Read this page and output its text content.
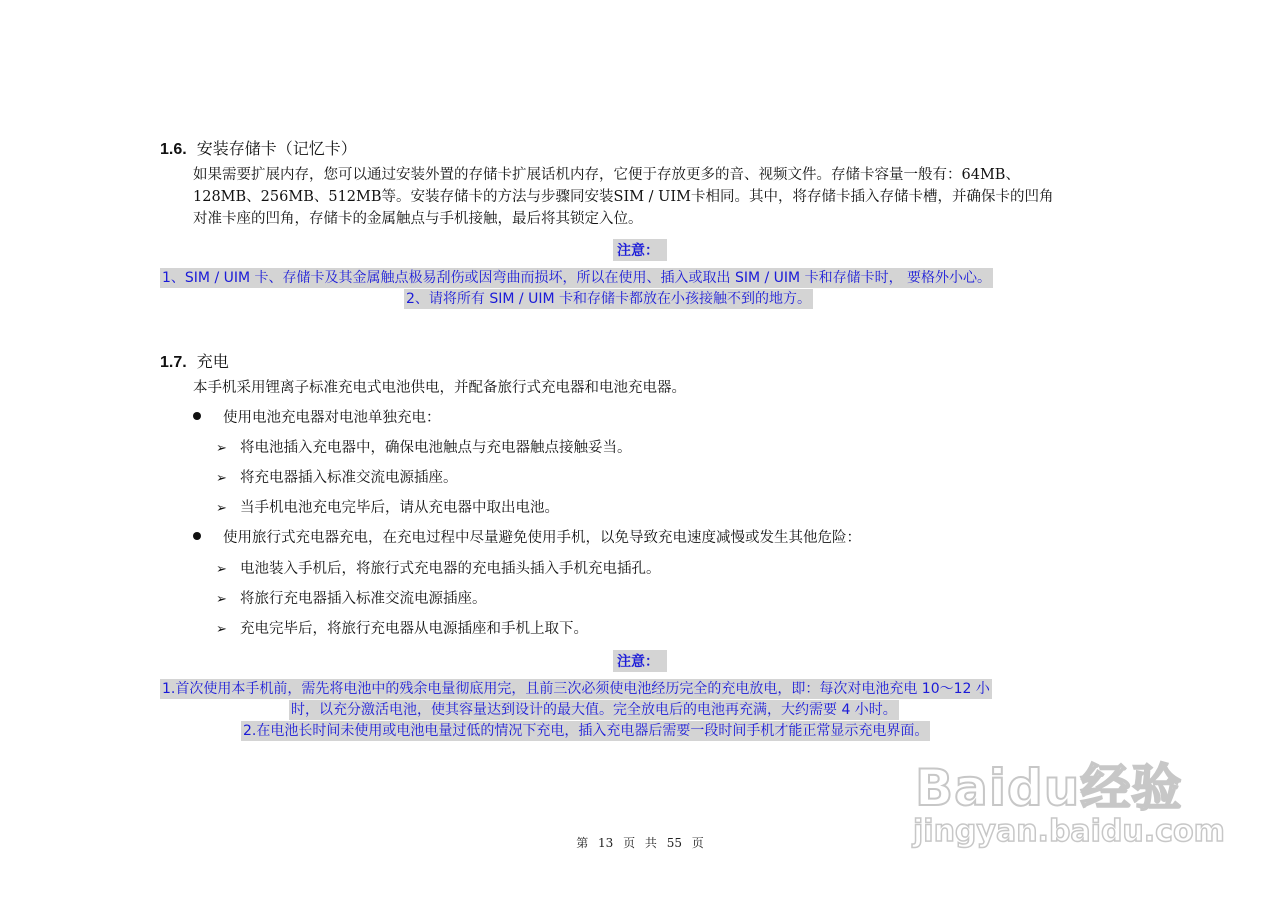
1.6. 安装存储卡（记忆卡）
如果需要扩展内存，您可以通过安装外置的存储卡扩展话机内存，它便于存放更多的音、视频文件。存储卡容量一般有：64MB、
128MB、256MB、512MB等。安装存储卡的方法与步骤同安装SIM / UIM卡相同。其中，将存储卡插入存储卡槽，并确保卡的凹角
对准卡座的凹角，存储卡的金属触点与手机接触，最后将其锁定入位。
注意：
1、SIM / UIM 卡、存储卡及其金属触点极易刮伤或因弯曲而损坏，所以在使用、插入或取出 SIM / UIM 卡和存储卡时， 要格外小心。
2、请将所有 SIM / UIM 卡和存储卡都放在小孩接触不到的地方。
1.7. 充电
本手机采用锂离子标准充电式电池供电，并配备旅行式充电器和电池充电器。
使用电池充电器对电池单独充电：
➢ 将电池插入充电器中，确保电池触点与充电器触点接触妥当。
➢ 将充电器插入标准交流电源插座。
➢ 当手机电池充电完毕后，请从充电器中取出电池。
使用旅行式充电器充电，在充电过程中尽量避免使用手机，以免导致充电速度减慢或发生其他危险：
➢ 电池装入手机后，将旅行式充电器的充电插头插入手机充电插孔。
➢ 将旅行充电器插入标准交流电源插座。
➢ 充电完毕后，将旅行充电器从电源插座和手机上取下。
注意：
1.首次使用本手机前，需先将电池中的残余电量彻底用完，且前三次必须使电池经历完全的充电放电，即：每次对电池充电 10～12 小
时，以充分激活电池，使其容量达到设计的最大值。完全放电后的电池再充满，大约需要 4 小时。
2.在电池长时间未使用或电池电量过低的情况下充电，插入充电器后需要一段时间手机才能正常显示充电界面。
第 13 页 共 55 页
Baidu经验
jingyan.baidu.com
